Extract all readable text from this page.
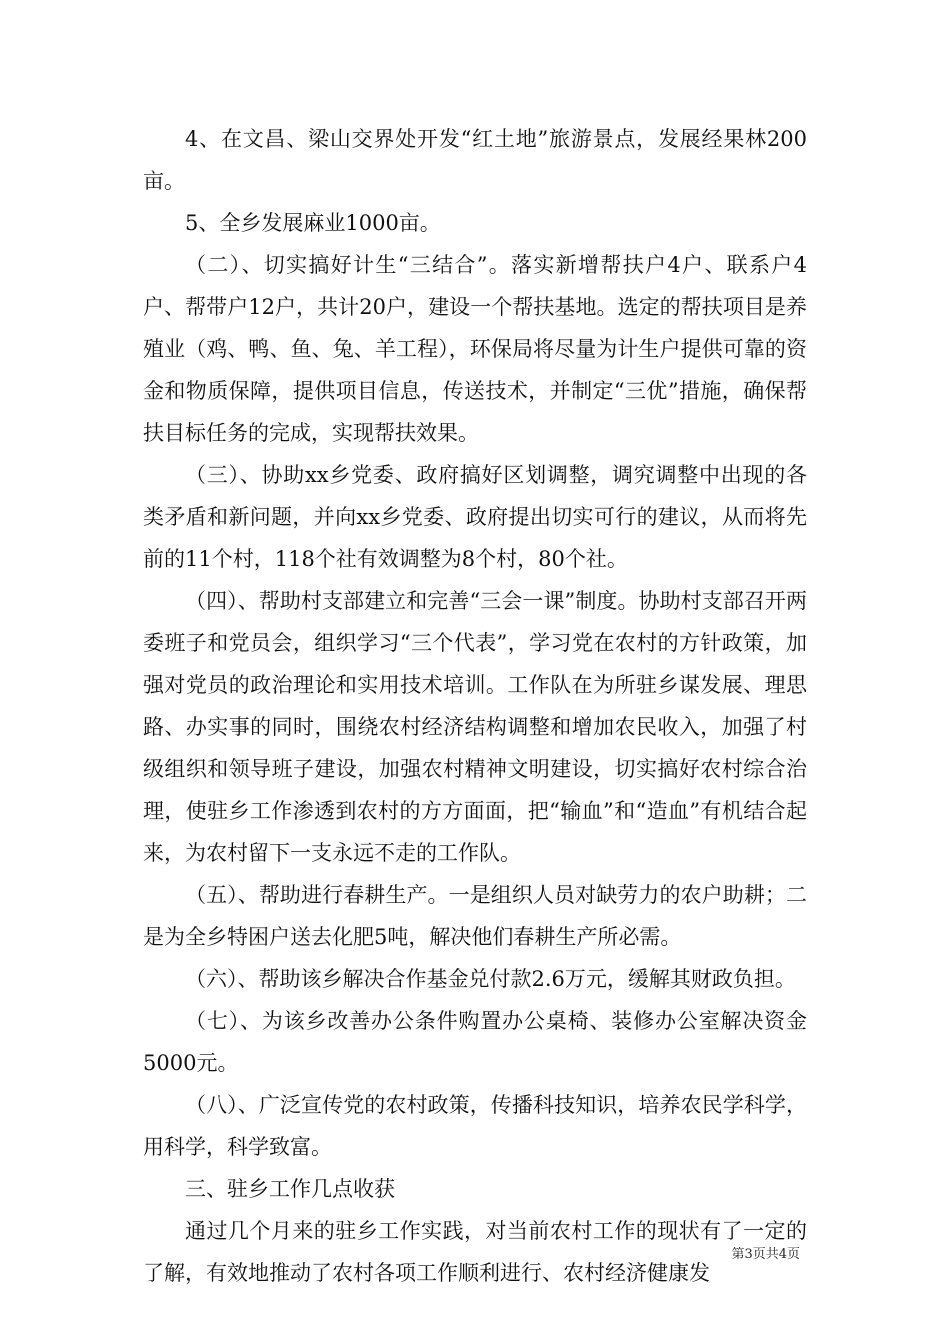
4、在文昌、梁山交界处开发“红土地”旅游景点，发展经果林200亩。

5、全乡发展麻业1000亩。

（二）、切实搞好计生“三结合”。落实新增帮扶户4户、联系户4户、帮带户12户，共计20户，建设一个帮扶基地。选定的帮扶项目是养殖业（鸡、鸭、鱼、兔、羊工程），环保局将尽量为计生户提供可靠的资金和物质保障，提供项目信息，传送技术，并制定“三优”措施，确保帮扶目标任务的完成，实现帮扶效果。

（三）、协助xx乡党委、政府搞好区划调整，调究调整中出现的各类矛盾和新问题，并向xx乡党委、政府提出切实可行的建议，从而将先前的11个村，118个社有效调整为8个村，80个社。

（四）、帮助村支部建立和完善“三会一课”制度。协助村支部召开两委班子和党员会，组织学习“三个代表”，学习党在农村的方针政策，加强对党员的政治理论和实用技术培训。工作队在为所驻乡谋发展、理思路、办实事的同时，围绕农村经济结构调整和增加农民收入，加强了村级组织和领导班子建设，加强农村精神文明建设，切实搞好农村综合治理，使驻乡工作渗透到农村的方方面面，把“输血”和“造血”有机结合起来，为农村留下一支永远不走的工作队。

（五）、帮助进行春耕生产。一是组织人员对缺劳力的农户助耕；二是为全乡特困户送去化肥5吨，解决他们春耕生产所必需。

（六）、帮助该乡解决合作基金兑付款2.6万元，缓解其财政负担。

（七）、为该乡改善办公条件购置办公桌椅、装修办公室解决资金5000元。

（八）、广泛宣传党的农村政策，传播科技知识，培养农民学科学，用科学，科学致富。

三、驻乡工作几点收获

通过几个月来的驻乡工作实践，对当前农村工作的现状有了一定的了解，有效地推动了农村各项工作顺利进行、农村经济健康发

第3页共4页
